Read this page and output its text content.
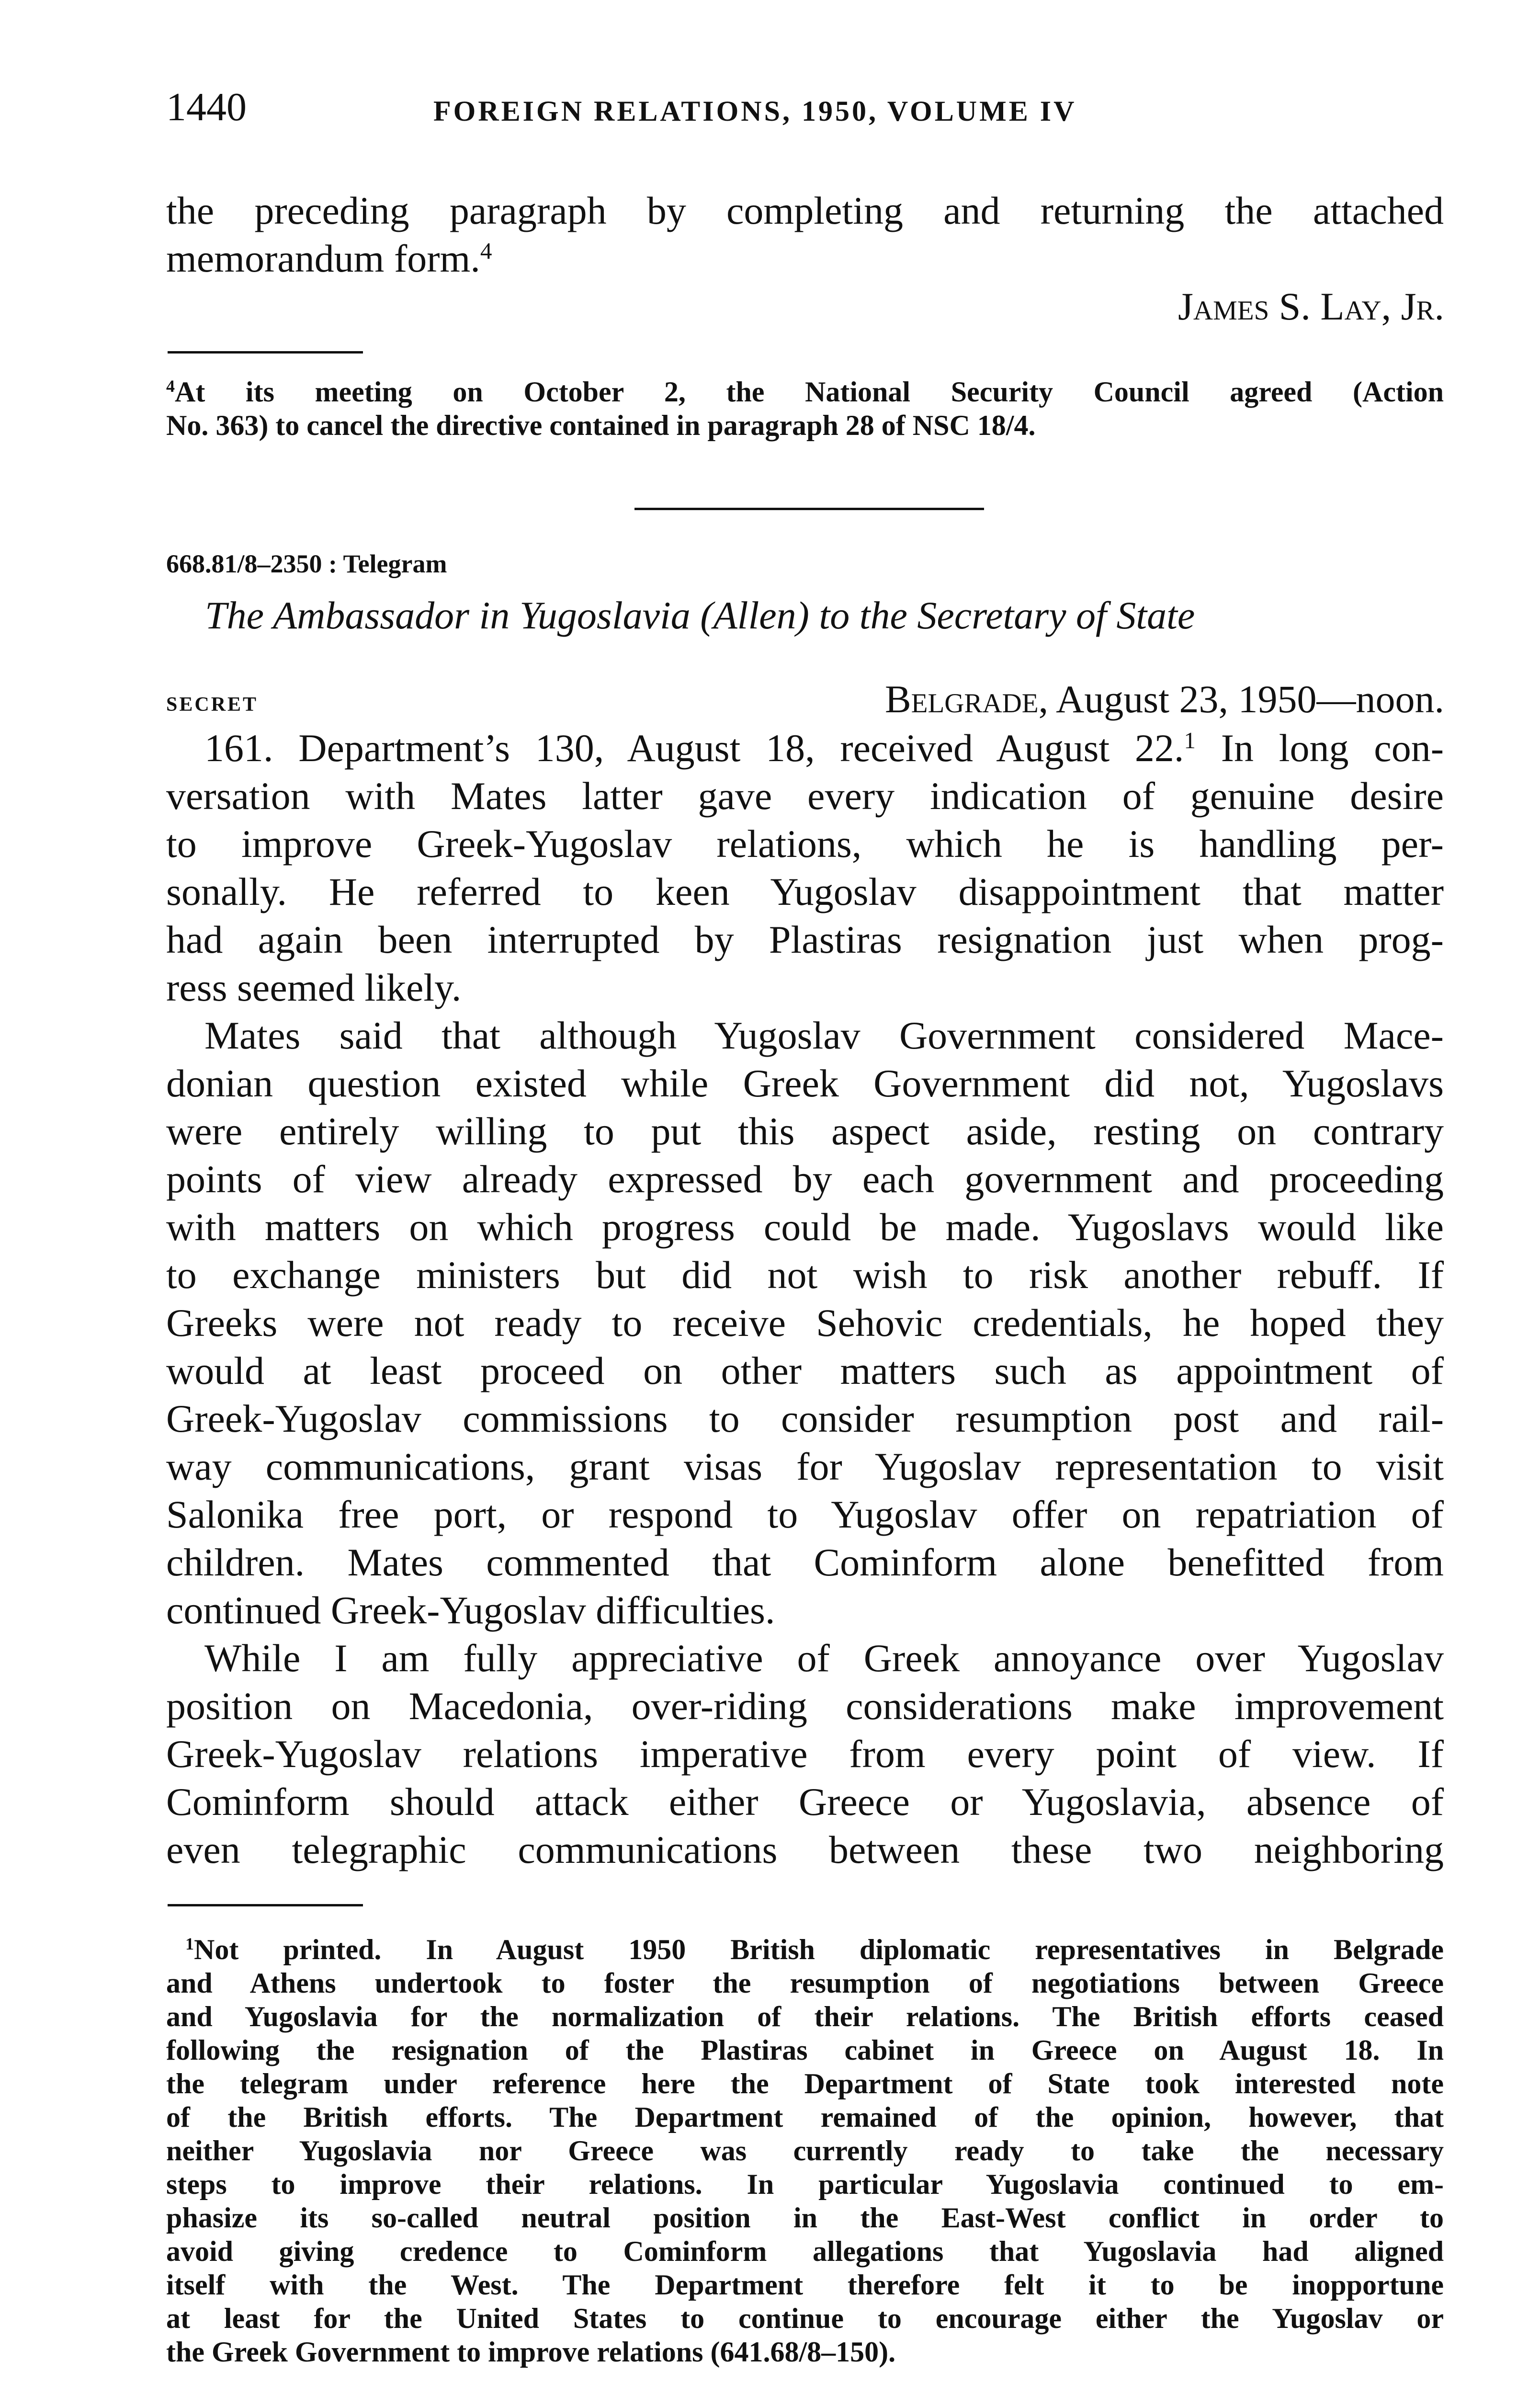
1440	FOREIGN RELATIONS, 1950, VOLUME IV
the preceding paragraph by completing and returning the attached
memorandum form.$^4$
James S. Lay, Jr.
$^4$At its meeting on October 2, the National Security Council agreed (Action
No. 363) to cancel the directive contained in paragraph 28 of NSC 18/4.
668.81/8–2350 : Telegram
The Ambassador in Yugoslavia (Allen) to the Secretary of State
secret	Belgrade, August 23, 1950—noon.
161. Department’s 130, August 18, received August 22.$^1$ In long con-
versation with Mates latter gave every indication of genuine desire
to improve Greek-Yugoslav relations, which he is handling per-
sonally. He referred to keen Yugoslav disappointment that matter
had again been interrupted by Plastiras resignation just when prog-
ress seemed likely.
Mates said that although Yugoslav Government considered Mace-
donian question existed while Greek Government did not, Yugoslavs
were entirely willing to put this aspect aside, resting on contrary
points of view already expressed by each government and proceeding
with matters on which progress could be made. Yugoslavs would like
to exchange ministers but did not wish to risk another rebuff. If
Greeks were not ready to receive Sehovic credentials, he hoped they
would at least proceed on other matters such as appointment of
Greek-Yugoslav commissions to consider resumption post and rail-
way communications, grant visas for Yugoslav representation to visit
Salonika free port, or respond to Yugoslav offer on repatriation of
children. Mates commented that Cominform alone benefitted from
continued Greek-Yugoslav difficulties.
While I am fully appreciative of Greek annoyance over Yugoslav
position on Macedonia, over-riding considerations make improvement
Greek-Yugoslav relations imperative from every point of view. If
Cominform should attack either Greece or Yugoslavia, absence of
even telegraphic communications between these two neighboring
$^1$Not printed. In August 1950 British diplomatic representatives in Belgrade
and Athens undertook to foster the resumption of negotiations between Greece
and Yugoslavia for the normalization of their relations. The British efforts ceased
following the resignation of the Plastiras cabinet in Greece on August 18. In
the telegram under reference here the Department of State took interested note
of the British efforts. The Department remained of the opinion, however, that
neither Yugoslavia nor Greece was currently ready to take the necessary
steps to improve their relations. In particular Yugoslavia continued to em-
phasize its so-called neutral position in the East-West conflict in order to
avoid giving credence to Cominform allegations that Yugoslavia had aligned
itself with the West. The Department therefore felt it to be inopportune
at least for the United States to continue to encourage either the Yugoslav or
the Greek Government to improve relations (641.68/8–150).
